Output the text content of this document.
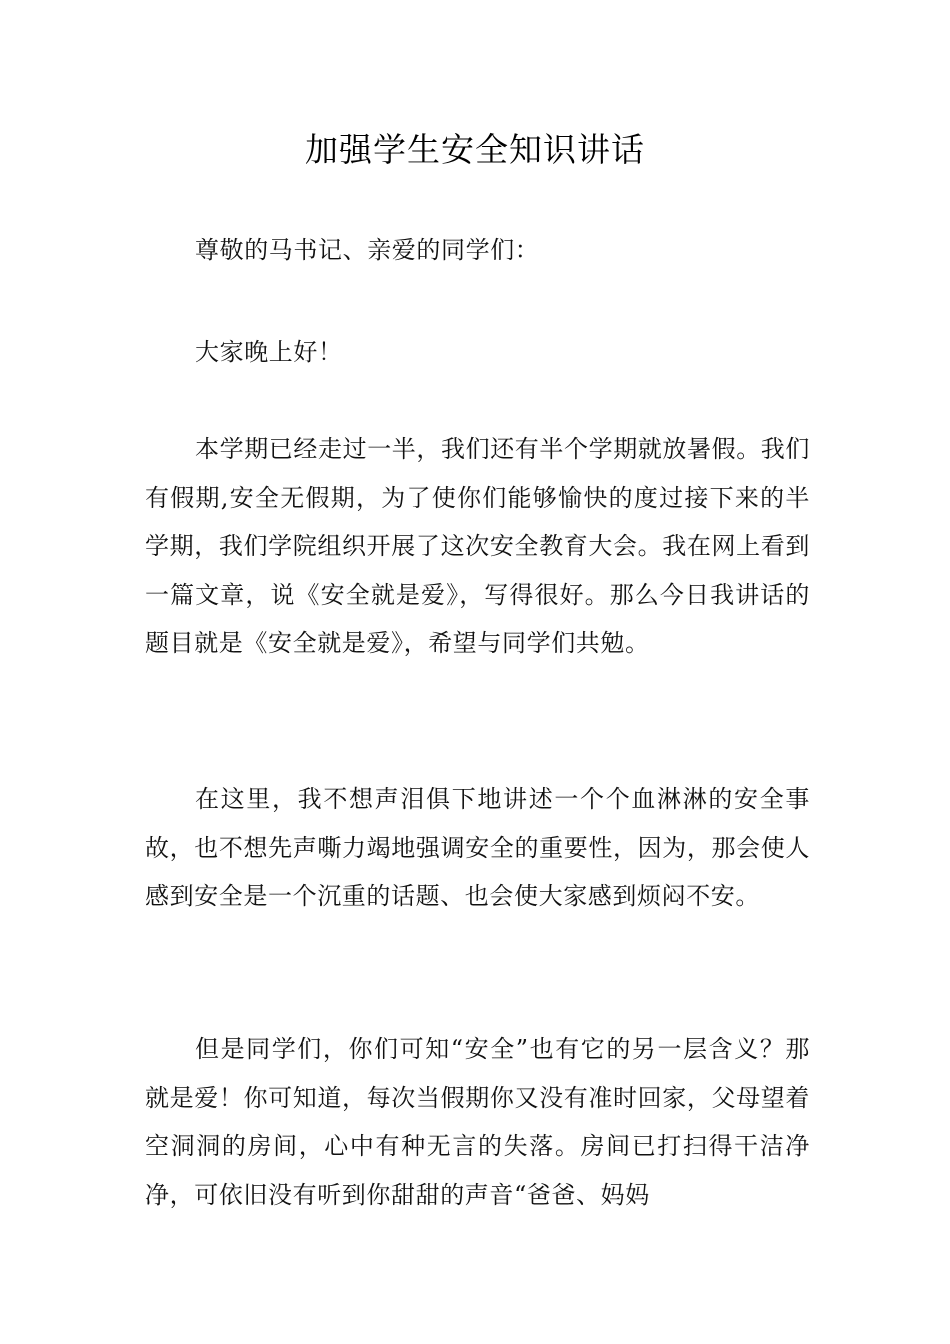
加强学生安全知识讲话

尊敬的马书记、亲爱的同学们：

大家晚上好！

本学期已经走过一半，我们还有半个学期就放暑假。我们有假期,安全无假期，为了使你们能够愉快的度过接下来的半学期，我们学院组织开展了这次安全教育大会。我在网上看到一篇文章，说《安全就是爱》，写得很好。那么今日我讲话的题目就是《安全就是爱》，希望与同学们共勉。

在这里，我不想声泪俱下地讲述一个个血淋淋的安全事故，也不想先声嘶力竭地强调安全的重要性，因为，那会使人感到安全是一个沉重的话题、也会使大家感到烦闷不安。

但是同学们，你们可知“安全”也有它的另一层含义？那就是爱！你可知道，每次当假期你又没有准时回家，父母望着空洞洞的房间，心中有种无言的失落。房间已打扫得干洁净净，可依旧没有听到你甜甜的声音“爸爸、妈妈
